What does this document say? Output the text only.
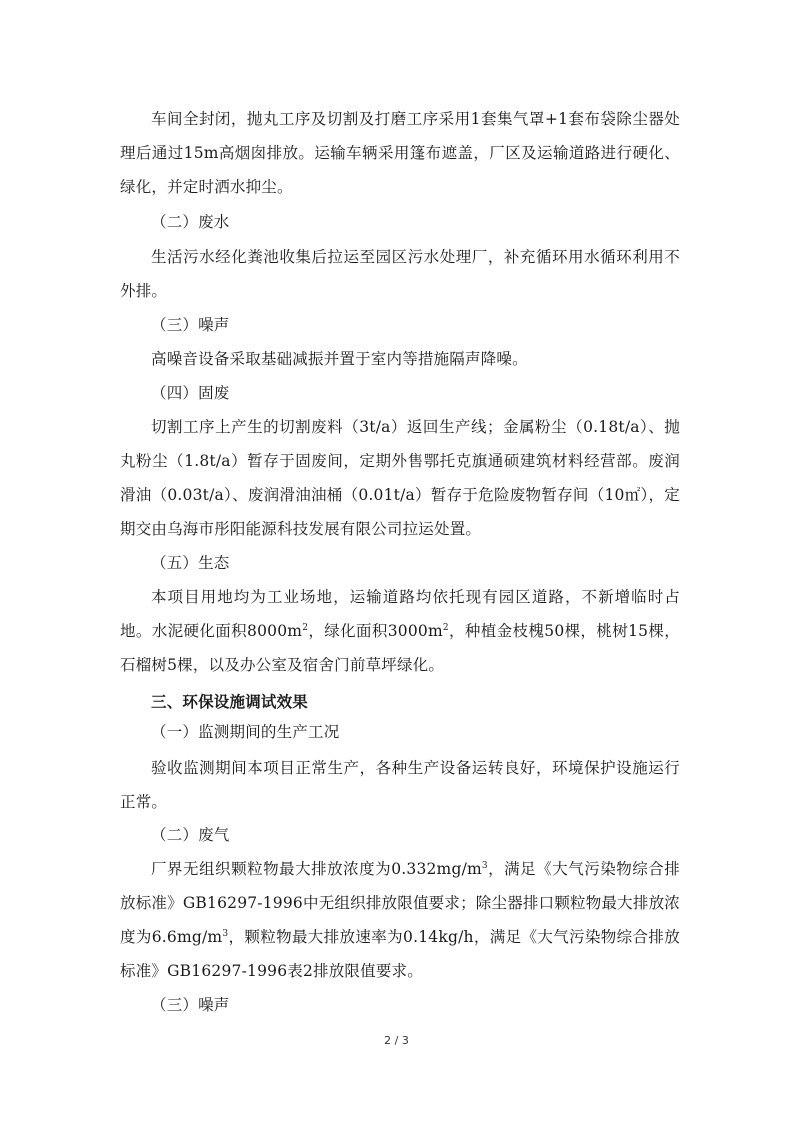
车间全封闭，抛丸工序及切割及打磨工序采用1套集气罩+1套布袋除尘器处理后通过15m高烟囱排放。运输车辆采用篷布遮盖，厂区及运输道路进行硬化、绿化，并定时洒水抑尘。

（二）废水

生活污水经化粪池收集后拉运至园区污水处理厂，补充循环用水循环利用不外排。

（三）噪声

高噪音设备采取基础减振并置于室内等措施隔声降噪。

（四）固废

切割工序上产生的切割废料（3t/a）返回生产线；金属粉尘（0.18t/a）、抛丸粉尘（1.8t/a）暂存于固废间，定期外售鄂托克旗通硕建筑材料经营部。废润滑油（0.03t/a）、废润滑油油桶（0.01t/a）暂存于危险废物暂存间（10㎡），定期交由乌海市彤阳能源科技发展有限公司拉运处置。

（五）生态

本项目用地均为工业场地，运输道路均依托现有园区道路，不新增临时占地。水泥硬化面积$8000m^2$，绿化面积$3000m^2$，种植金枝槐50棵，桃树15棵，石榴树5棵，以及办公室及宿舍门前草坪绿化。

三、环保设施调试效果

（一）监测期间的生产工况

验收监测期间本项目正常生产，各种生产设备运转良好，环境保护设施运行正常。

（二）废气

厂界无组织颗粒物最大排放浓度为$0.332mg/m^3$，满足《大气污染物综合排放标准》GB16297-1996中无组织排放限值要求；除尘器排口颗粒物最大排放浓度为$6.6mg/m^3$，颗粒物最大排放速率为0.14kg/h，满足《大气污染物综合排放标准》GB16297-1996表2排放限值要求。

（三）噪声

2 / 3
